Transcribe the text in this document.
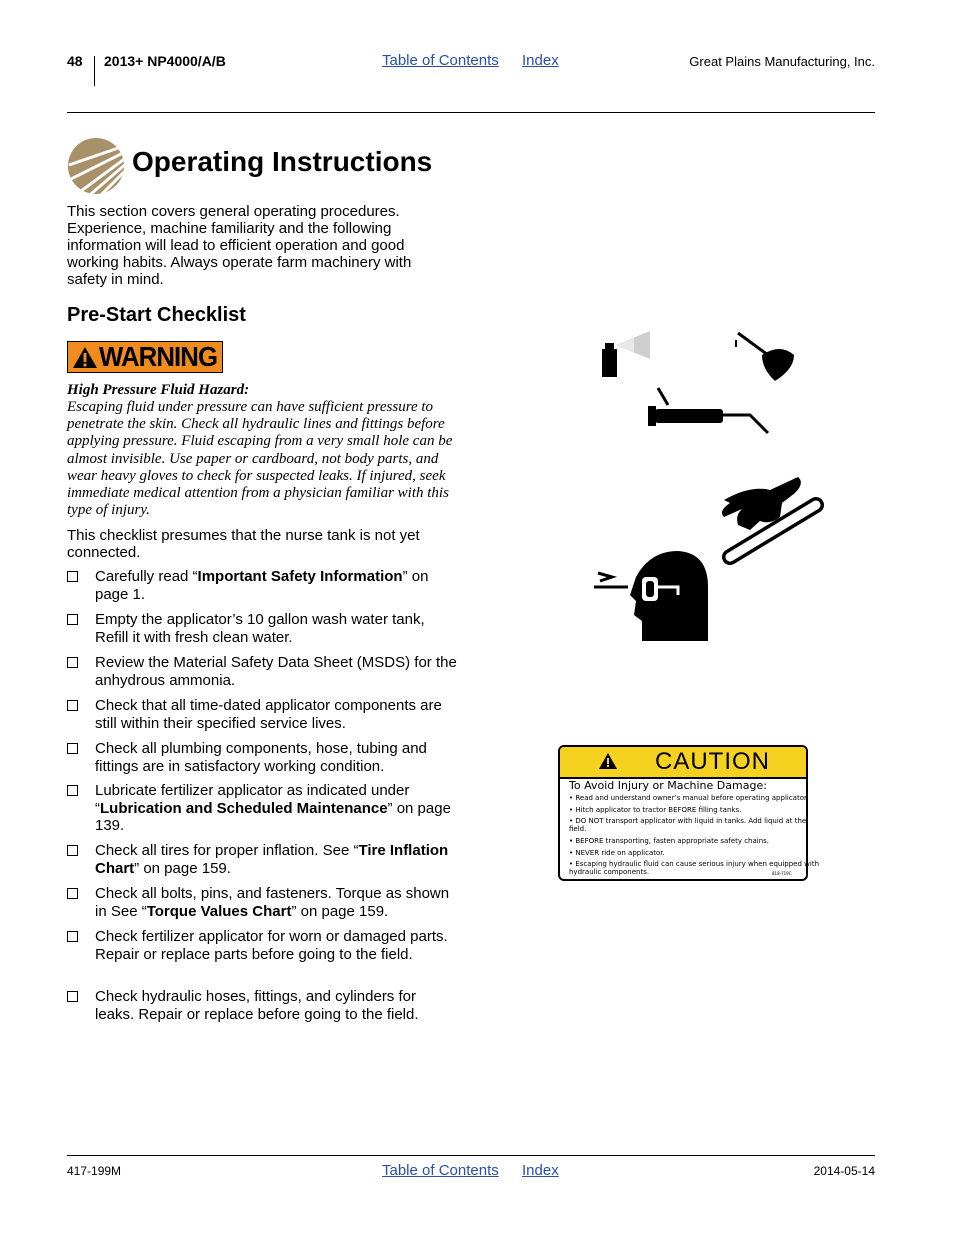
48 2013+ NP4000/A/B	Table of Contents Index	Great Plains Manufacturing, Inc.
Operating Instructions
This section covers general operating procedures. Experience, machine familiarity and the following information will lead to efficient operation and good working habits. Always operate farm machinery with safety in mind.
Pre-Start Checklist
WARNING
High Pressure Fluid Hazard:
Escaping fluid under pressure can have sufficient pressure to penetrate the skin. Check all hydraulic lines and fittings before applying pressure. Fluid escaping from a very small hole can be almost invisible. Use paper or cardboard, not body parts, and wear heavy gloves to check for suspected leaks. If injured, seek immediate medical attention from a physician familiar with this type of injury.
This checklist presumes that the nurse tank is not yet connected.
Carefully read “Important Safety Information” on page 1.
Empty the applicator’s 10 gallon wash water tank, Refill it with fresh clean water.
Review the Material Safety Data Sheet (MSDS) for the anhydrous ammonia.
Check that all time-dated applicator components are still within their specified service lives.
Check all plumbing components, hose, tubing and fittings are in satisfactory working condition.
Lubricate fertilizer applicator as indicated under “Lubrication and Scheduled Maintenance” on page 139.
Check all tires for proper inflation. See “Tire Inflation Chart” on page 159.
Check all bolts, pins, and fasteners. Torque as shown in See “Torque Values Chart” on page 159.
Check fertilizer applicator for worn or damaged parts. Repair or replace parts before going to the field.
Check hydraulic hoses, fittings, and cylinders for leaks. Repair or replace before going to the field.
CAUTION
To Avoid Injury or Machine Damage:
• Read and understand owner’s manual before operating applicator.
• Hitch applicator to tractor BEFORE filling tanks.
• DO NOT transport applicator with liquid in tanks. Add liquid at the
field.
• BEFORE transporting, fasten appropriate safety chains.
• NEVER ride on applicator.
• Escaping hydraulic fluid can cause serious injury when equipped with
hydraulic components.	818-719C
417-199M	Table of Contents Index	2014-05-14
